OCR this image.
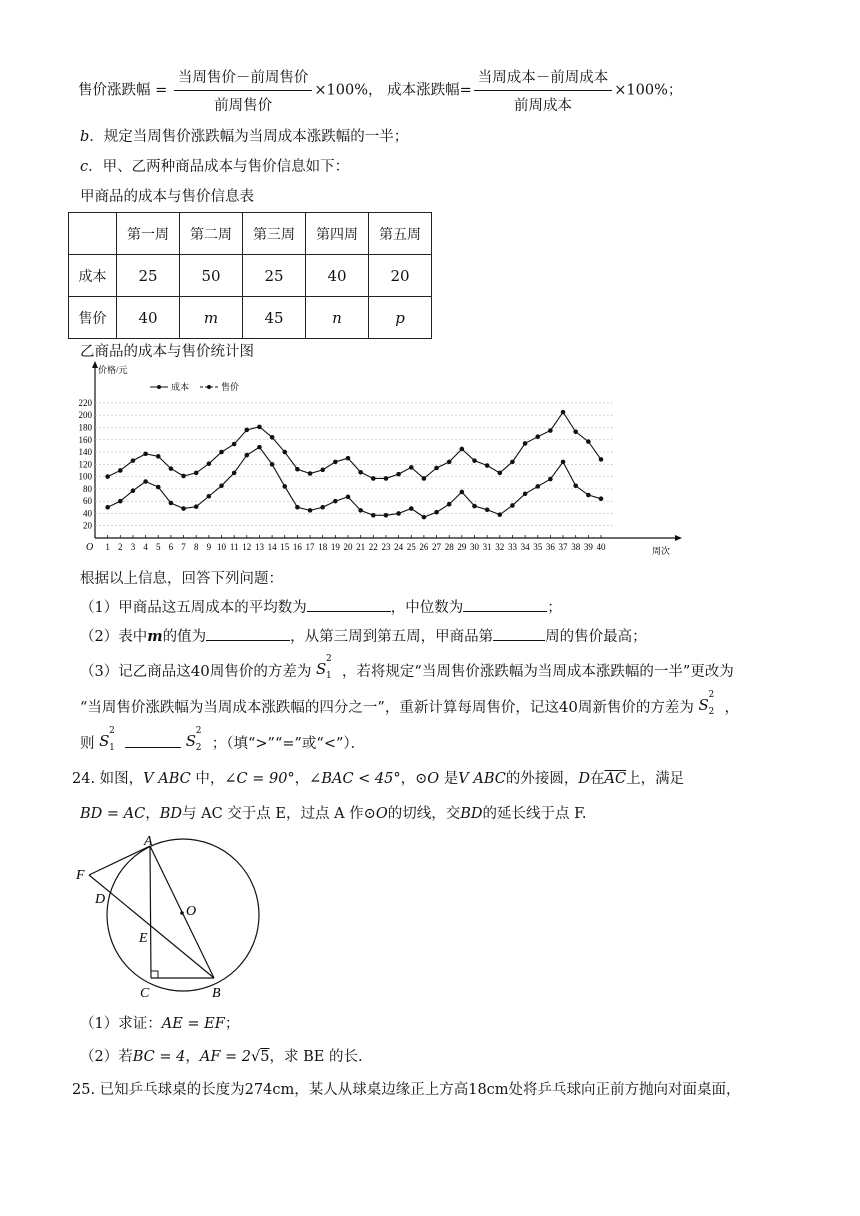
售价涨跌幅 = $\frac{\text{当周售价－前周售价}}{\text{前周售价}} \times 100\%$， 成本涨跌幅= $\frac{\text{当周成本－前周成本}}{\text{前周成本}} \times 100\%$；
b．规定当周售价涨跌幅为当周成本涨跌幅的一半；
c．甲、乙两种商品成本与售价信息如下：
甲商品的成本与售价信息表
	第一周	第二周	第三周	第四周	第五周
成本	25	50	25	40	20
售价	40	m	45	n	p
乙商品的成本与售价统计图
O
价格/元
周次
20
40
60
80
100
120
140
160
180
200
220
1 2 3 4 5 6 7 8 9 10 11 12 13 14 15 16 17 18 19 20 21 22 23 24 25 26 27 28 29 30 31 32 33 34 35 36 37 38 39 40
成本	售价
根据以上信息，回答下列问题：
（1）甲商品这五周成本的平均数为	，中位数为	；
（2）表中m的值为	，从第三周到第五周，甲商品第	周的售价最高；
（3）记乙商品这40周售价的方差为 S
2
1 ，若将规定“当周售价涨跌幅为当周成本涨跌幅的一半”更改为
“当周售价涨跌幅为当周成本涨跌幅的四分之一”，重新计算每周售价，记这40周新售价的方差为 S
2
2 ，
则 S
2
1
	S
2
2 ；（填“>”“=”或“<”）．
24. 如图，V ABC 中，∠C = 90°，∠BAC < 45°，⊙O 是V ABC的外接圆，D在$\overline{AC}$上，满足
BD = AC，BD与 AC 交于点 E，过点 A 作⊙O的切线，交BD的延长线于点 F.
A
F
D
O
E
C	B
（1）求证：AE = EF；
（2）若BC = 4，AF = 2√5，求 BE 的长.
25. 已知乒乓球桌的长度为274cm，某人从球桌边缘正上方高18cm处将乒乓球向正前方抛向对面桌面，
